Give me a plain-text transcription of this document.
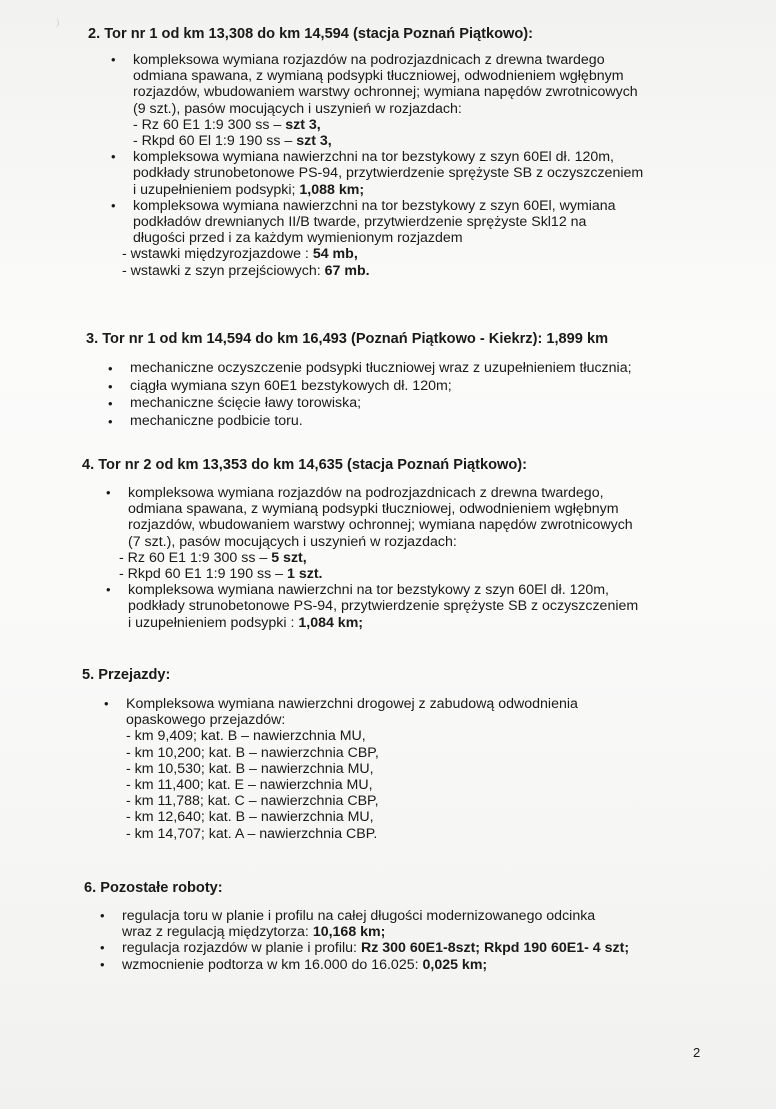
2. Tor nr 1 od km 13,308 do km 14,594 (stacja Poznań Piątkowo):
• kompleksowa wymiana rozjazdów na podrozjazdnicach z drewna twardego
odmiana spawana, z wymianą podsypki tłuczniowej, odwodnieniem wgłębnym
rozjazdów, wbudowaniem warstwy ochronnej; wymiana napędów zwrotnicowych
(9 szt.), pasów mocujących i uszynień w rozjazdach:
- Rz 60 E1 1:9 300 ss – szt 3,
- Rkpd 60 El 1:9 190 ss – szt 3,
• kompleksowa wymiana nawierzchni na tor bezstykowy z szyn 60El dł. 120m,
podkłady strunobetonowe PS-94, przytwierdzenie sprężyste SB z oczyszczeniem
i uzupełnieniem podsypki; 1,088 km;
• kompleksowa wymiana nawierzchni na tor bezstykowy z szyn 60El, wymiana
podkładów drewnianych II/B twarde, przytwierdzenie sprężyste Skl12 na
długości przed i za każdym wymienionym rozjazdem
- wstawki międzyrozjazdowe : 54 mb,
- wstawki z szyn przejściowych: 67 mb.
3. Tor nr 1 od km 14,594 do km 16,493 (Poznań Piątkowo - Kiekrz): 1,899 km
• mechaniczne oczyszczenie podsypki tłuczniowej wraz z uzupełnieniem tłucznia;
• ciągła wymiana szyn 60E1 bezstykowych dł. 120m;
• mechaniczne ścięcie ławy torowiska;
• mechaniczne podbicie toru.
4. Tor nr 2 od km 13,353 do km 14,635 (stacja Poznań Piątkowo):
• kompleksowa wymiana rozjazdów na podrozjazdnicach z drewna twardego,
odmiana spawana, z wymianą podsypki tłuczniowej, odwodnieniem wgłębnym
rozjazdów, wbudowaniem warstwy ochronnej; wymiana napędów zwrotnicowych
(7 szt.), pasów mocujących i uszynień w rozjazdach:
- Rz 60 E1 1:9 300 ss – 5 szt,
- Rkpd 60 E1 1:9 190 ss – 1 szt.
• kompleksowa wymiana nawierzchni na tor bezstykowy z szyn 60El dł. 120m,
podkłady strunobetonowe PS-94, przytwierdzenie sprężyste SB z oczyszczeniem
i uzupełnieniem podsypki : 1,084 km;
5. Przejazdy:
• Kompleksowa wymiana nawierzchni drogowej z zabudową odwodnienia
opaskowego przejazdów:
- km 9,409; kat. B – nawierzchnia MU,
- km 10,200; kat. B – nawierzchnia CBP,
- km 10,530; kat. B – nawierzchnia MU,
- km 11,400; kat. E – nawierzchnia MU,
- km 11,788; kat. C – nawierzchnia CBP,
- km 12,640; kat. B – nawierzchnia MU,
- km 14,707; kat. A – nawierzchnia CBP.
6. Pozostałe roboty:
• regulacja toru w planie i profilu na całej długości modernizowanego odcinka
wraz z regulacją międzytorza: 10,168 km;
• regulacja rozjazdów w planie i profilu: Rz 300 60E1-8szt; Rkpd 190 60E1- 4 szt;
• wzmocnienie podtorza w km 16.000 do 16.025: 0,025 km;
2
